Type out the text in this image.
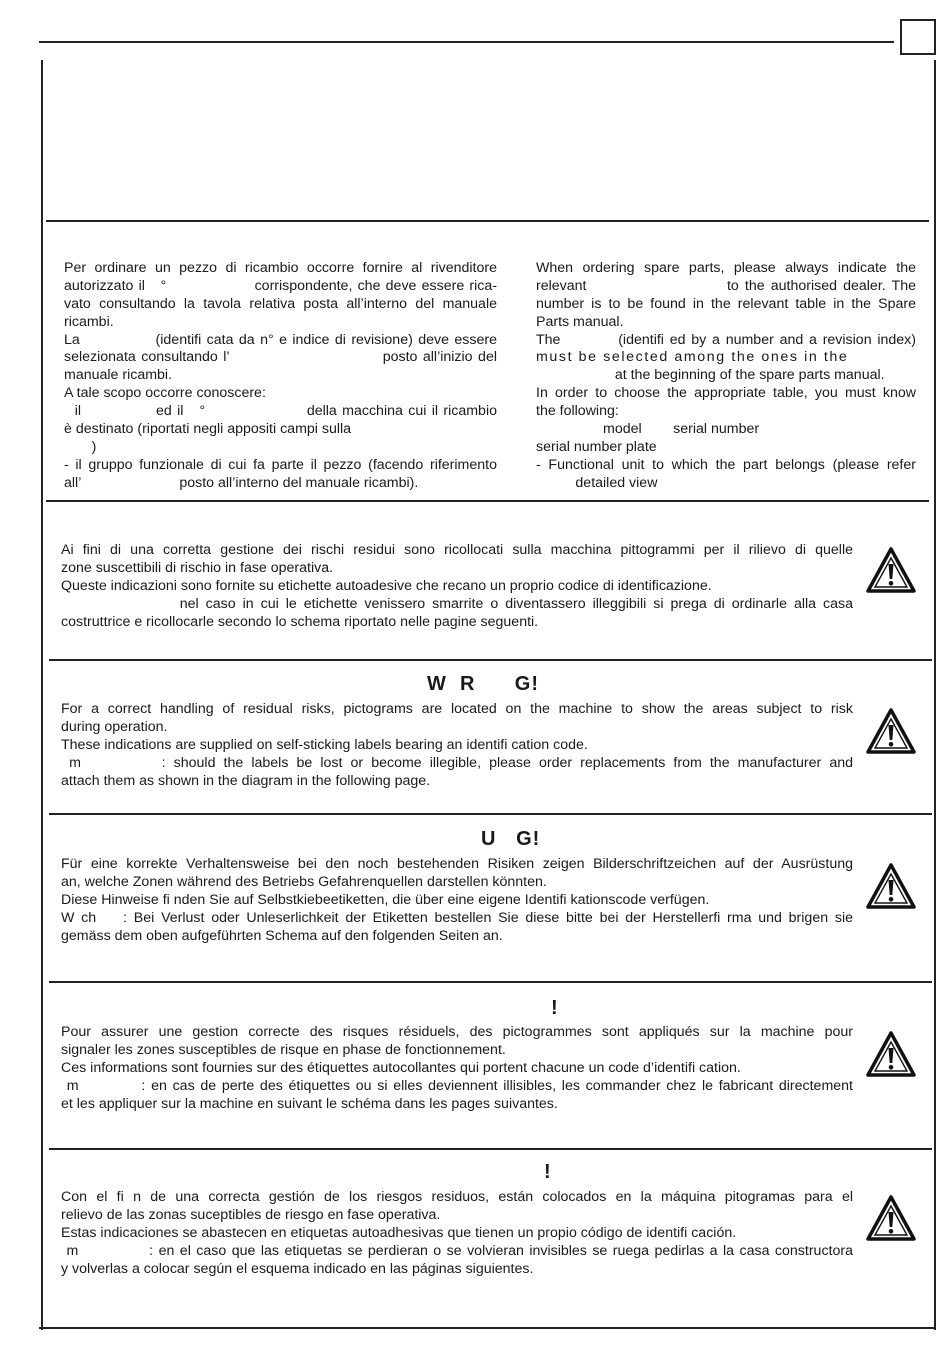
Per ordinare un pezzo di ricambio occorre fornire al rivenditore
autorizzato il   °                 corrispondente, che deve essere rica-
vato consultando la tavola relativa posta all’interno del manuale
ricambi.
La              (identifi cata da n° e indice di revisione) deve essere
selezionata consultando l’                            posto all’inizio del
manuale ricambi.
A tale scopo occorre conoscere:
il              ed il   °                   della macchina cui il ricambio
è destinato (riportati negli appositi campi sulla
)
- il gruppo funzionale di cui fa parte il pezzo (facendo riferimento
all’                         posto all’interno del manuale ricambi).
When ordering spare parts, please always indicate the
relevant                       to the authorised dealer. The
number is to be found in the relevant table in the Spare
Parts manual.
The          (identifi ed by a number and a revision index)
must be selected among the ones in the
at the beginning of the spare parts manual.
In order to choose the appropriate table, you must know
the following:
model        serial number
serial number plate
- Functional unit to which the part belongs (please refer
detailed view
Ai fini di una corretta gestione dei rischi residui sono ricollocati sulla macchina pittogrammi per il rilievo di quelle
zone suscettibili di rischio in fase operativa.
Queste indicazioni sono fornite su etichette autoadesive che recano un proprio codice di identificazione.
nel caso in cui le etichette venissero smarrite o diventassero illeggibili si prega di ordinarle alla casa
costruttrice e ricollocarle secondo lo schema riportato nelle pagine seguenti.
W  R      G!
For a correct handling of residual risks, pictograms are located on the machine to show the areas subject to risk
during operation.
These indications are supplied on self-sticking labels bearing an identifi cation code.
m          : should the labels be lost or become illegible, please order replacements from the manufacturer and
attach them as shown in the diagram in the following page.
U   G!
Für eine korrekte Verhaltensweise bei den noch bestehenden Risiken zeigen Bilderschriftzeichen auf der Ausrüstung
an, welche Zonen während des Betriebs Gefahrenquellen darstellen könnten.
Diese Hinweise fi nden Sie auf Selbstkiebeetiketten, die über eine eigene Identifi kationscode verfügen.
W ch    : Bei Verlust oder Unleserlichkeit der Etiketten bestellen Sie diese bitte bei der Herstellerfi rma und brigen sie
gemäss dem oben aufgeführten Schema auf den folgenden Seiten an.
!
Pour assurer une gestion correcte des risques résiduels, des pictogrammes sont appliqués sur la machine pour
signaler les zones susceptibles de risque en phase de fonctionnement.
Ces informations sont fournies sur des étiquettes autocollantes qui portent chacune un code d’identifi cation.
m           : en cas de perte des étiquettes ou si elles deviennent illisibles, les commander chez le fabricant directement
et les appliquer sur la machine en suivant le schéma dans les pages suivantes.
!
Con el fi n de una correcta gestión de los riesgos residuos, están colocados en la máquina pitogramas para el
relievo de las zonas suceptibles de riesgo en fase operativa.
Estas indicaciones se abastecen en etiquetas autoadhesivas que tienen un propio código de identifi cación.
m             : en el caso que las etiquetas se perdieran o se volvieran invisibles se ruega pedirlas a la casa constructora
y volverlas a colocar según el esquema indicado en las páginas siguientes.
